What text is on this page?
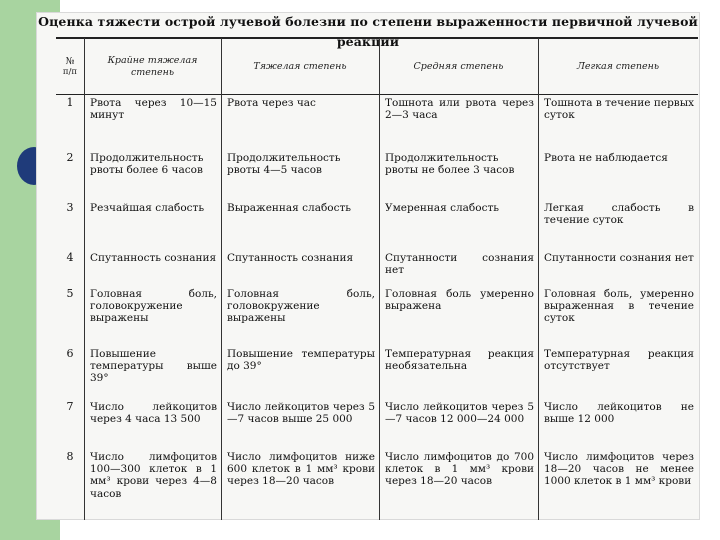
Оценка тяжести острой лучевой болезни по степени выраженности первичной лучевой реакции
№
п/п	Крайне тяжелая степень	Тяжелая степень	Средняя степень	Легкая степень
1	Рвота через 10—15 минут	Рвота через час	Тошнота или рвота через 2—3 часа	Тошнота в течение первых суток
2	Продолжительность рвоты более 6 часов	Продолжительность рвоты 4—5 часов	Продолжительность рвоты не более 3 часов	Рвота не наблюдается
3	Резчайшая слабость	Выраженная слабость	Умеренная слабость	Легкая слабость в течение суток
4	Спутанность сознания	Спутанность сознания	Спутанности сознания нет	Спутанности сознания нет
5	Головная боль, головокружение выражены	Головная боль, головокружение выражены	Головная боль умеренно выражена	Головная боль, умеренно выраженная в течение суток
6	Повышение температуры выше 39°	Повышение температуры до 39°	Температурная реакция необязательна	Температурная реакция отсутствует
7	Число лейкоцитов через 4 часа 13 500	Число лейкоцитов через 5—7 часов выше 25 000	Число лейкоцитов через 5—7 часов 12 000—24 000	Число лейкоцитов не выше 12 000
8	Число лимфоцитов 100—300 клеток в 1 мм³ крови через 4—8 часов	Число лимфоцитов ниже 600 клеток в 1 мм³ крови через 18—20 часов	Число лимфоцитов до 700 клеток в 1 мм³ крови через 18—20 часов	Число лимфоцитов через 18—20 часов не менее 1000 клеток в 1 мм³ крови
